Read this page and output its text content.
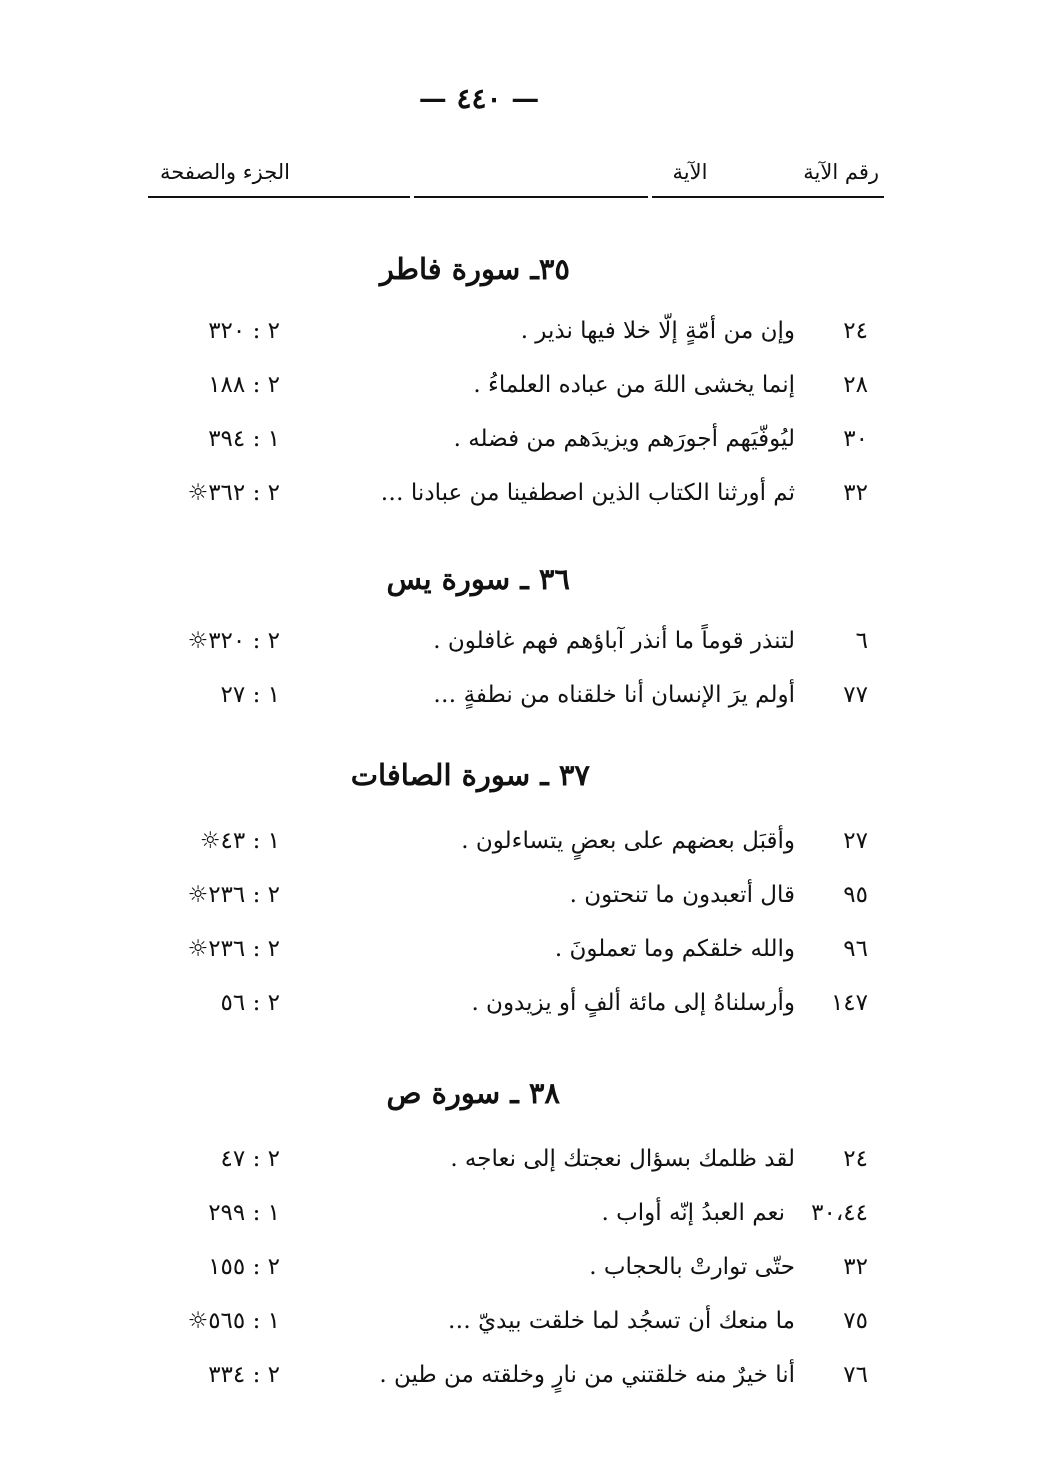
— ٤٤٠ —
رقم الآية
الآية
الجزء والصفحة
٣٥ـ سورة فاطر
٢٤
وإن من أمّةٍ إلّا خلا فيها نذير .
٢ : ٣٢٠
٢٨
إنما يخشى اللهَ من عباده العلماءُ .
٢ : ١٨٨
٣٠
ليُوفّيَهم أجورَهم ويزيدَهم من فضله .
١ : ٣٩٤
٣٢
ثم أورثنا الكتاب الذين اصطفينا من عبادنا …
٢ : ٣٦٢☼
٣٦ ـ سورة يس
٦
لتنذر قوماً ما أنذر آباؤهم فهم غافلون .
٢ : ٣٢٠☼
٧٧
أولم يرَ الإنسان أنا خلقناه من نطفةٍ …
١ : ٢٧
٣٧ ـ سورة الصافات
٢٧
وأقبَل بعضهم على بعضٍ يتساءلون .
١ : ٤٣☼
٩٥
قال أتعبدون ما تنحتون .
٢ : ٢٣٦☼
٩٦
والله خلقكم وما تعملونَ .
٢ : ٢٣٦☼
١٤٧
وأرسلناهُ إلى مائة ألفٍ أو يزيدون .
٢ : ٥٦
٣٨ ـ سورة ص
٢٤
لقد ظلمك بسؤال نعجتك إلى نعاجه .
٢ : ٤٧
٣٠،٤٤
نعم العبدُ إنّه أواب .
١ : ٢٩٩
٣٢
حتّى توارتْ بالحجاب .
٢ : ١٥٥
٧٥
ما منعك أن تسجُد لما خلقت بيديّ …
١ : ٥٦٥☼
٧٦
أنا خيرٌ منه خلقتني من نارٍ وخلقته من طين .
٢ : ٣٣٤
